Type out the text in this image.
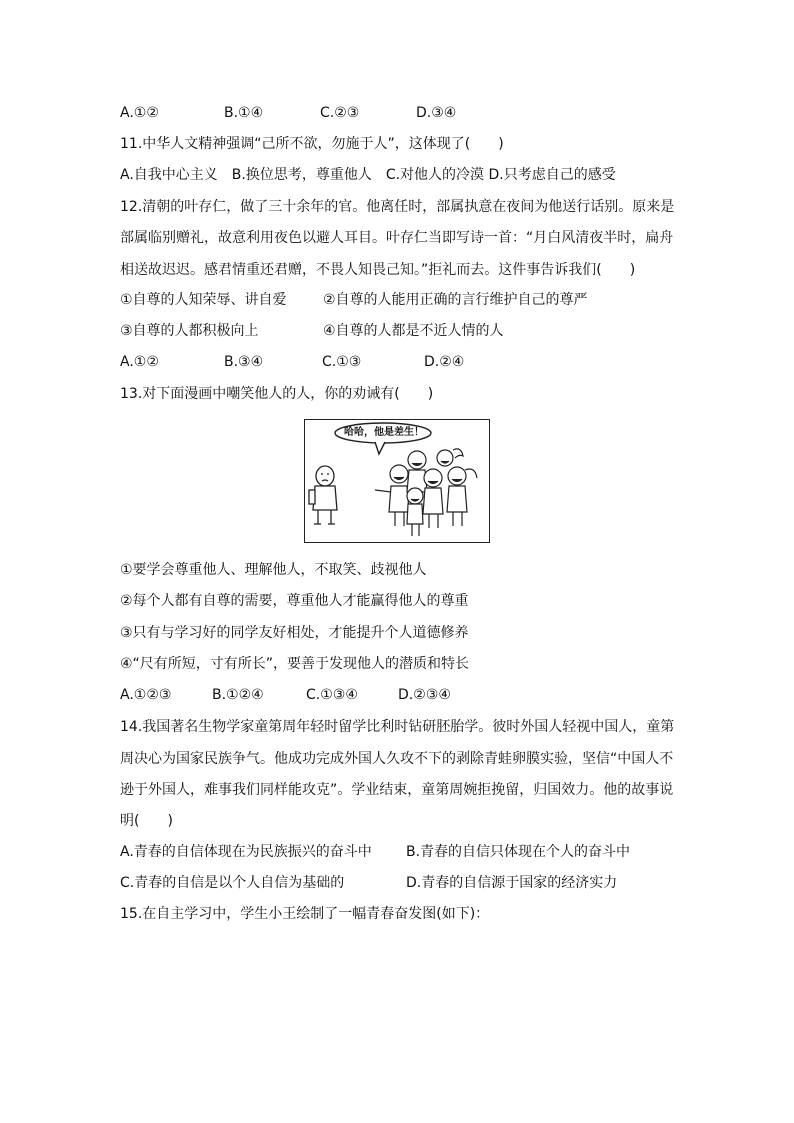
A.①②	B.①④	C.②③	D.③④
11.中华人文精神强调“己所不欲，勿施于人”，这体现了(　　)
A.自我中心主义　B.换位思考，尊重他人　C.对他人的冷漠 D.只考虑自己的感受
12.清朝的叶存仁，做了三十余年的官。他离任时，部属执意在夜间为他送行话别。原来是
部属临别赠礼，故意利用夜色以避人耳目。叶存仁当即写诗一首：“月白风清夜半时，扁舟
相送故迟迟。感君情重还君赠，不畏人知畏己知。”拒礼而去。这件事告诉我们(　　)
①自尊的人知荣辱、讲自爱	②自尊的人能用正确的言行维护自己的尊严
③自尊的人都积极向上	④自尊的人都是不近人情的人
A.①②	B.③④	C.①③	D.②④
13.对下面漫画中嘲笑他人的人，你的劝诫有(　　)
哈哈，他是差生！
①要学会尊重他人、理解他人，不取笑、歧视他人
②每个人都有自尊的需要，尊重他人才能赢得他人的尊重
③只有与学习好的同学友好相处，才能提升个人道德修养
④“尺有所短，寸有所长”，要善于发现他人的潜质和特长
A.①②③	B.①②④	C.①③④	D.②③④
14.我国著名生物学家童第周年轻时留学比利时钻研胚胎学。彼时外国人轻视中国人，童第
周决心为国家民族争气。他成功完成外国人久攻不下的剥除青蛙卵膜实验，坚信“中国人不
逊于外国人，难事我们同样能攻克”。学业结束，童第周婉拒挽留，归国效力。他的故事说
明(　　)
A.青春的自信体现在为民族振兴的奋斗中 B.青春的自信只体现在个人的奋斗中
C.青春的自信是以个人自信为基础的	D.青春的自信源于国家的经济实力
15.在自主学习中，学生小王绘制了一幅青春奋发图(如下)：
